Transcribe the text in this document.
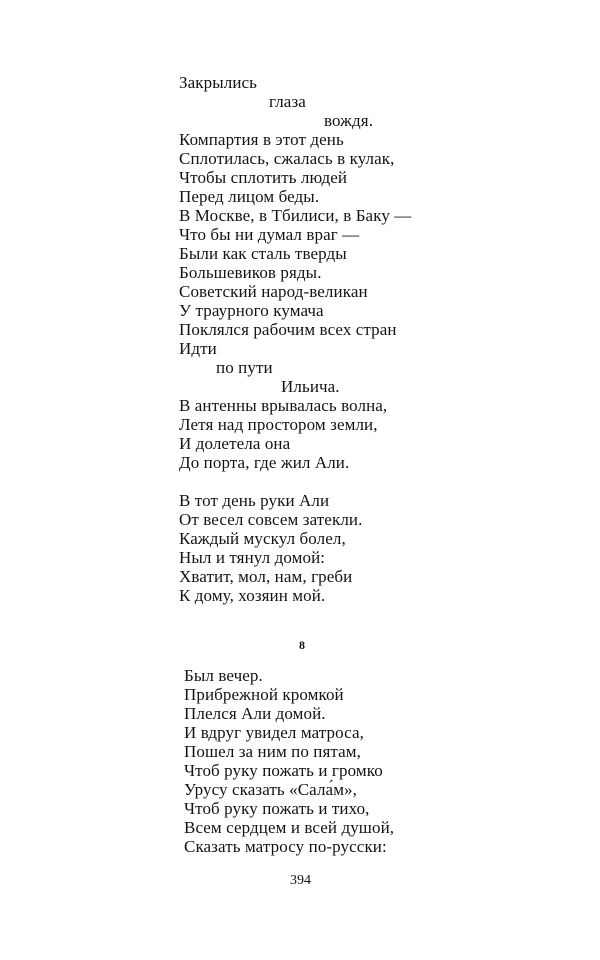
Закрылись
глаза
вождя.
Компартия в этот день
Сплотилась, сжалась в кулак,
Чтобы сплотить людей
Перед лицом беды.
В Москве, в Тбилиси, в Баку —
Что бы ни думал враг —
Были как сталь тверды
Большевиков ряды.
Советский народ-великан
У траурного кумача
Поклялся рабочим всех стран
Идти
по пути
Ильича.
В антенны врывалась волна,
Летя над простором земли,
И долетела она
До порта, где жил Али.
В тот день руки Али
От весел совсем затекли.
Каждый мускул болел,
Ныл и тянул домой:
Хватит, мол, нам, греби
К дому, хозяин мой.
8
Был вечер.
Прибрежной кромкой
Плелся Али домой.
И вдруг увидел матроса,
Пошел за ним по пятам,
Чтоб руку пожать и громко
Урусу сказать «Сала́м»,
Чтоб руку пожать и тихо,
Всем сердцем и всей душой,
Сказать матросу по-русски:
394
